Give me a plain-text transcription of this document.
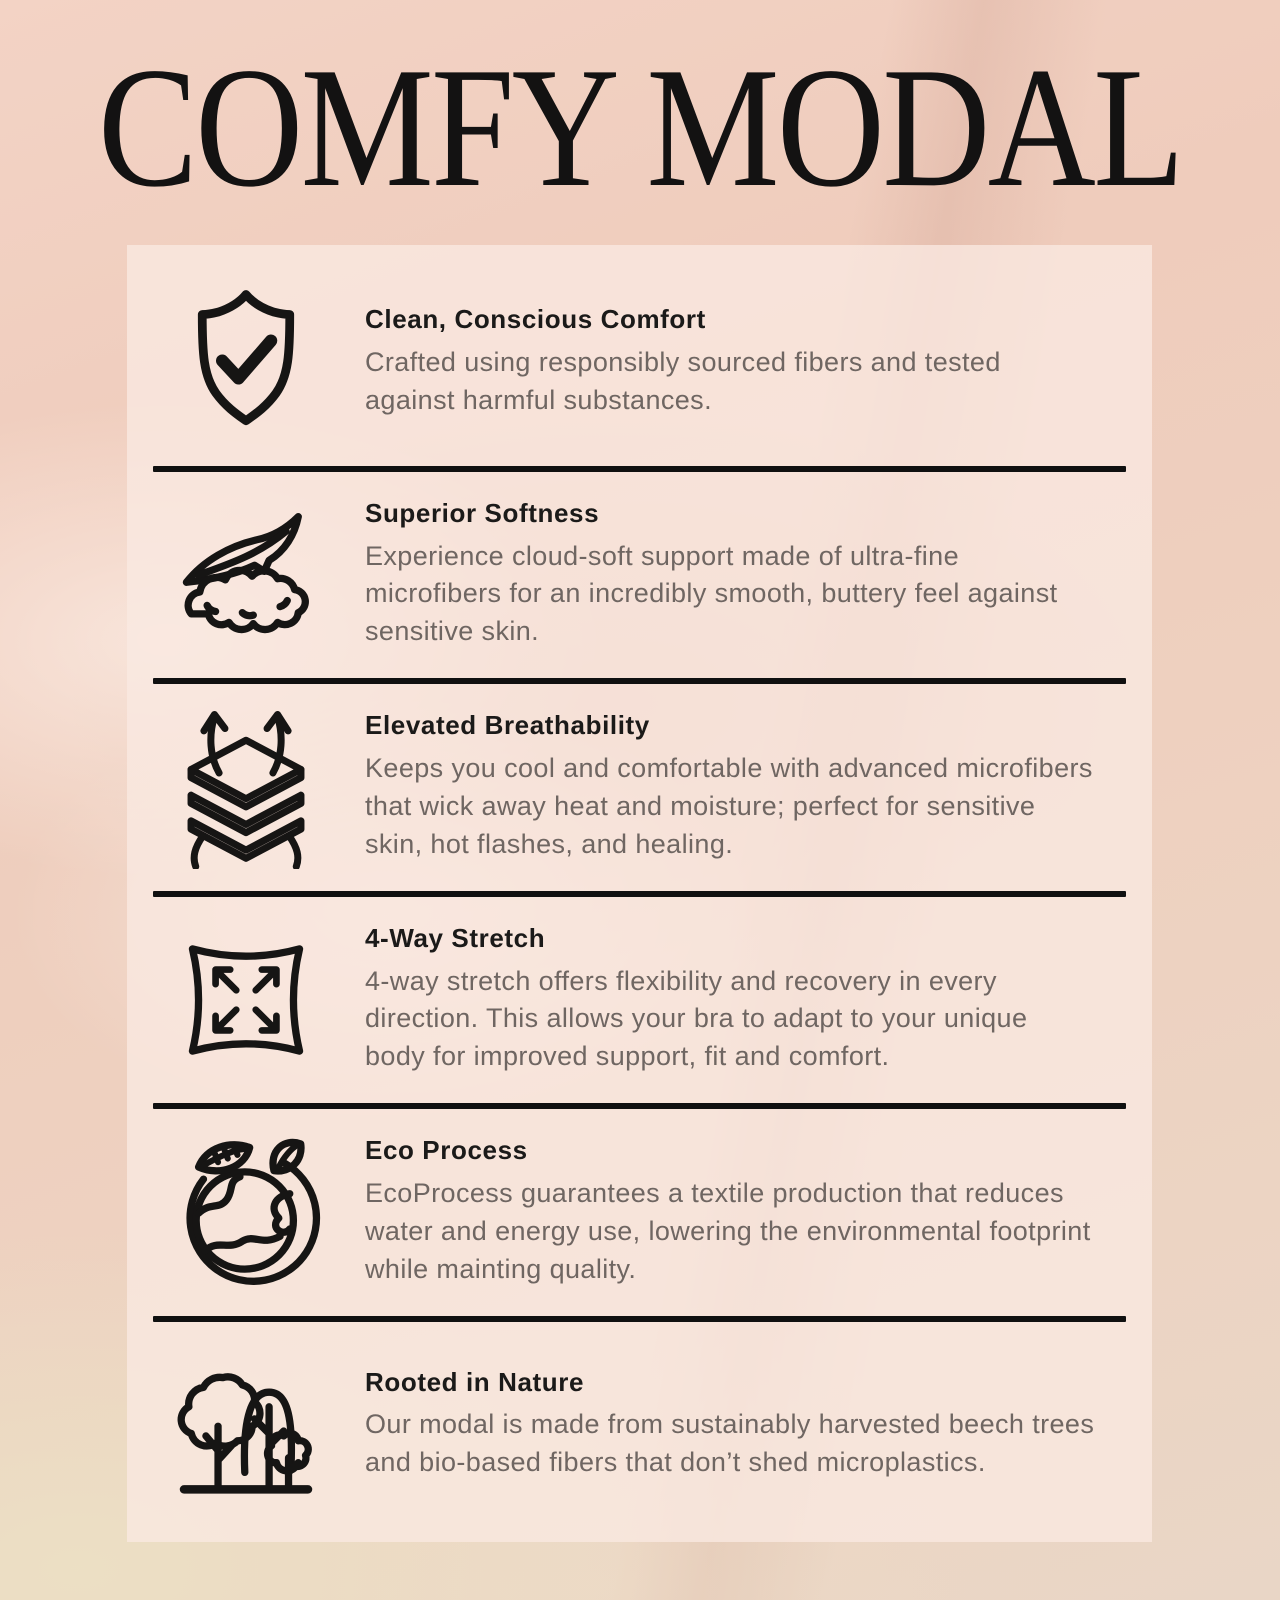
COMFY MODAL

Clean, Conscious Comfort

Crafted using responsibly sourced fibers and tested against harmful substances.

Superior Softness

Experience cloud-soft support made of ultra-fine microfibers for an incredibly smooth, buttery feel against sensitive skin.

Elevated Breathability

Keeps you cool and comfortable with advanced microfibers that wick away heat and moisture; perfect for sensitive skin, hot flashes, and healing.

4-Way Stretch

4-way stretch offers flexibility and recovery in every direction. This allows your bra to adapt to your unique body for improved support, fit and comfort.

Eco Process

EcoProcess guarantees a textile production that reduces water and energy use, lowering the environmental footprint while mainting quality.

Rooted in Nature

Our modal is made from sustainably harvested beech trees and bio-based fibers that don’t shed microplastics.
